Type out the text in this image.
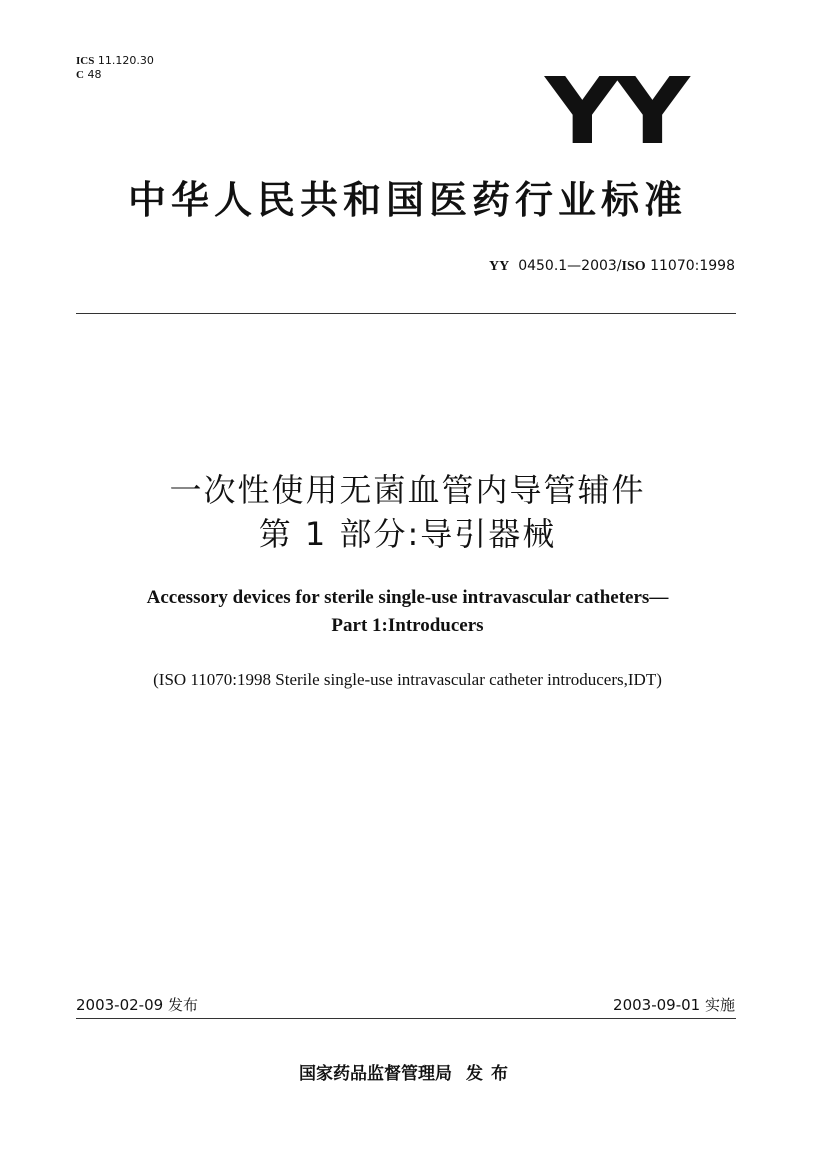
ICS 11.120.30
C 48	YY
中华人民共和国医药行业标准
YY 0450.1—2003/ISO 11070:1998
一次性使用无菌血管内导管辅件
第 1 部分:导引器械
Accessory devices for sterile single-use intravascular catheters—
Part 1:Introducers
(ISO 11070:1998 Sterile single-use intravascular catheter introducers,IDT)
2003-02-09 发布	2003-09-01 实施
国家药品监督管理局 发布
